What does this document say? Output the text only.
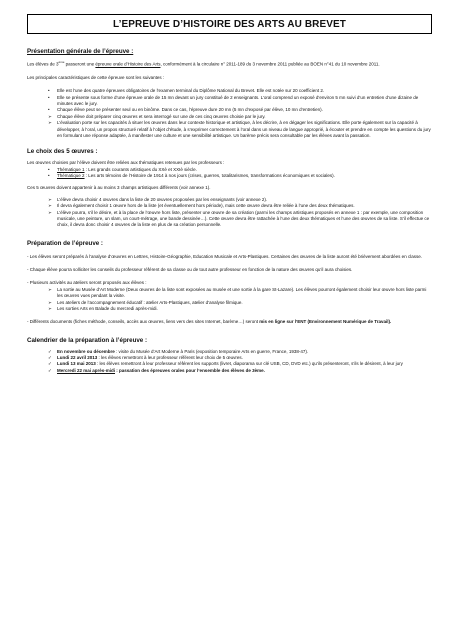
L’EPREUVE D’HISTOIRE DES ARTS AU BREVET

Présentation générale de l’épreuve :

Les élèves de 3ème passeront une épreuve orale d’Histoire des Arts, conformément à la circulaire n° 2011-189 du 3 novembre 2011 publiée au BOEN n°41 du 10 novembre 2011.

Les principales caractéristiques de cette épreuve sont les suivantes :

• Elle est l’une des quatre épreuves obligatoires de l’examen terminal du Diplôme National du Brevet. Elle est notée sur 20 coefficient 2.
• Elle se présente sous forme d’une épreuve orale de 15 mn devant un jury constitué de 2 enseignants. L’oral comprend un exposé d’environ 5 mn suivi d’un entretien d’une dizaine de minutes avec le jury.
• Chaque élève peut se présenter seul ou en binôme. Dans ce cas, l’épreuve dure 20 mn (5 mn d’exposé par élève, 10 mn d’entretien).
➢ Chaque élève doit préparer cinq œuvres et sera interrogé sur une de ces cinq œuvres choisie par le jury.
➢ L’évaluation porte sur les capacités à situer les œuvres dans leur contexte historique et artistique, à les décrire, à en dégager les significations. Elle porte également sur la capacité à développer, à l’oral, un propos structuré relatif à l’objet d’étude, à s’exprimer correctement à l’oral dans un niveau de langue approprié, à écouter et prendre en compte les questions du jury en formulant une réponse adaptée, à manifester une culture et une sensibilité artistique. Un barème précis sera consultable par les élèves avant la passation.

Le choix des 5 œuvres :

Les œuvres choisies par l’élève doivent être reliées aux thématiques retenues par les professeurs :

• Thématique 1 : Les grands courants artistiques du XXè et XXIè siècle.
• Thématique 2 : Les arts témoins de l’Histoire de 1914 à nos jours (crises, guerres, totalitarismes, transformations économiques et sociales).

Ces 5 œuvres doivent appartenir à au moins 3 champs artistiques différents (voir annexe 1).

➢ L’élève devra choisir 4 œuvres dans la liste de 20 œuvres proposées par les enseignants (voir annexe 2).
➢ Il devra également choisir 1 œuvre hors de la liste (et éventuellement hors période), mais cette œuvre devra être reliée à l’une des deux thématiques.
➢ L’élève pourra, s’il le désire, et à la place de l’œuvre hors liste, présenter une œuvre de sa création (parmi les champs artistiques proposés en annexe 1 : par exemple, une composition musicale, une peinture, un slam, un court-métrage, une bande dessinée…). Cette œuvre devra être rattachée à l’une des deux thématiques et l’une des œuvres de sa liste. S’il effectue ce choix, il devra donc choisir 4 œuvres de la liste en plus de sa création personnelle.

Préparation de l’épreuve :

- Les élèves seront préparés à l’analyse d’œuvres en Lettres, Histoire-Géographie, Education Musicale et Arts-Plastiques. Certaines des œuvres de la liste auront été brièvement abordées en classe.

- Chaque élève pourra solliciter les conseils du professeur référent de sa classe ou de tout autre professeur en fonction de la nature des œuvres qu’il aura choisies.

- Plusieurs activités au ateliers seront proposés aux élèves :

➢ La sortie au Musée d’Art Moderne (Deux œuvres de la liste sont exposées au musée et une sortie à la gare St-Lazare). Les élèves pourront également choisir leur œuvre hors liste parmi les œuvres vues pendant la visite.
➢ Les ateliers de l’accompagnement éducatif : atelier Arts-Plastiques, atelier d’analyse filmique.
➢ Les sorties Arts en Balade du mercredi après-midi.

- Différents documents (fiches méthode, conseils, accès aux œuvres, liens vers des sites Internet, barème…) seront mis en ligne sur l’ENT (Environnement Numérique de Travail).

Calendrier de la préparation à l’épreuve :

✓ En novembre ou décembre : visite du Musée d’Art Moderne à Paris (exposition temporaire Arts en guerre, France, 1938-47).
✓ Lundi 22 avril 2013 : les élèves remettront à leur professeur référent leur choix de 5 œuvres.
✓ Lundi 13 mai 2013 : les élèves remettront à leur professeur référent les supports (livret, diaporama sur clé USB, CD, DVD etc.) qu’ils présenteront, s’ils le désirent, à leur jury
✓ Mercredi 22 mai après-midi : passation des épreuves orales pour l’ensemble des élèves de 3ème.
